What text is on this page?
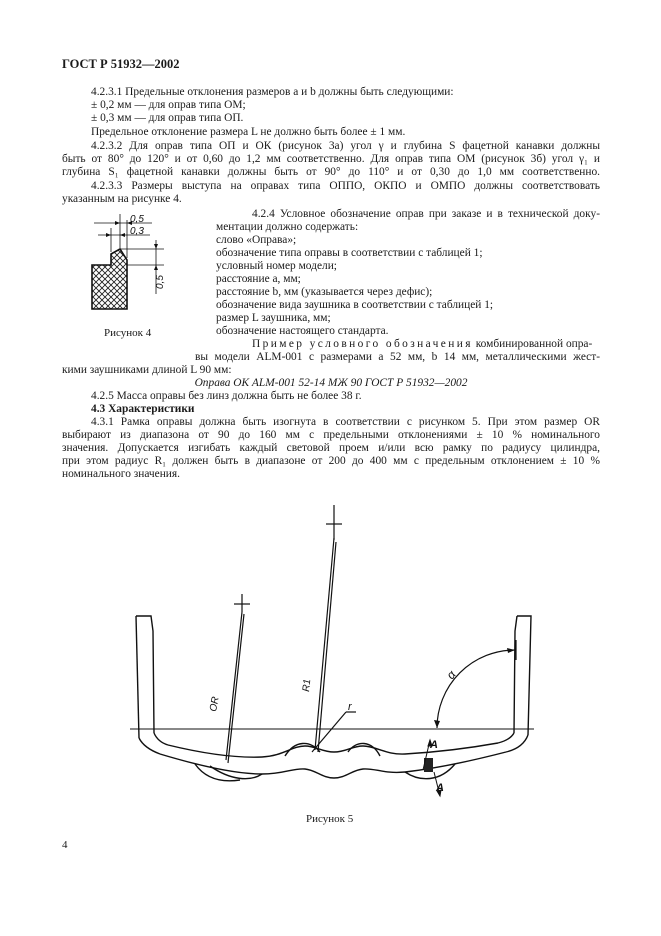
ГОСТ Р 51932—2002
4.2.3.1 Предельные отклонения размеров a и b должны быть следующими:
± 0,2 мм — для оправ типа ОМ;
± 0,3 мм — для оправ типа ОП.
Предельное отклонение размера L не должно быть более ± 1 мм.
4.2.3.2 Для оправ типа ОП и ОК (рисунок 3а) угол γ и глубина S фацетной канавки должны
быть от 80° до 120° и от 0,60 до 1,2 мм соответственно. Для оправ типа ОМ (рисунок 3б) угол γ₁ и
глубина S₁ фацетной канавки должны быть от 90° до 110° и от 0,30 до 1,0 мм соответственно.
4.2.3.3 Размеры выступа на оправах типа ОППО, ОКПО и ОМПО должны соответствовать
указанным на рисунке 4.
0,5
0,3
0,5
Рисунок 4
4.2.4 Условное обозначение оправ при заказе и в технической доку-
ментации должно содержать:
слово «Оправа»;
обозначение типа оправы в соответствии с таблицей 1;
условный номер модели;
расстояние a, мм;
расстояние b, мм (указывается через дефис);
обозначение вида заушника в соответствии с таблицей 1;
размер L заушника, мм;
обозначение настоящего стандарта.
Пример условного обозначения комбинированной опра-
вы модели ALM-001 с размерами a 52 мм, b 14 мм, металлическими жест-
кими заушниками длиной L 90 мм:
Оправа ОК ALM-001 52-14 МЖ 90 ГОСТ Р 51932—2002
4.2.5 Масса оправы без линз должна быть не более 38 г.
4.3 Характеристики
4.3.1 Рамка оправы должна быть изогнута в соответствии с рисунком 5. При этом размер OR
выбирают из диапазона от 90 до 160 мм с предельными отклонениями ± 10 % номинального
значения. Допускается изгибать каждый световой проем и/или всю рамку по радиусу цилиндра,
при этом радиус R₁ должен быть в диапазоне от 200 до 400 мм с предельным отклонением ± 10 %
номинального значения.
OR
R1
r
α
A
A
Рисунок 5
4
